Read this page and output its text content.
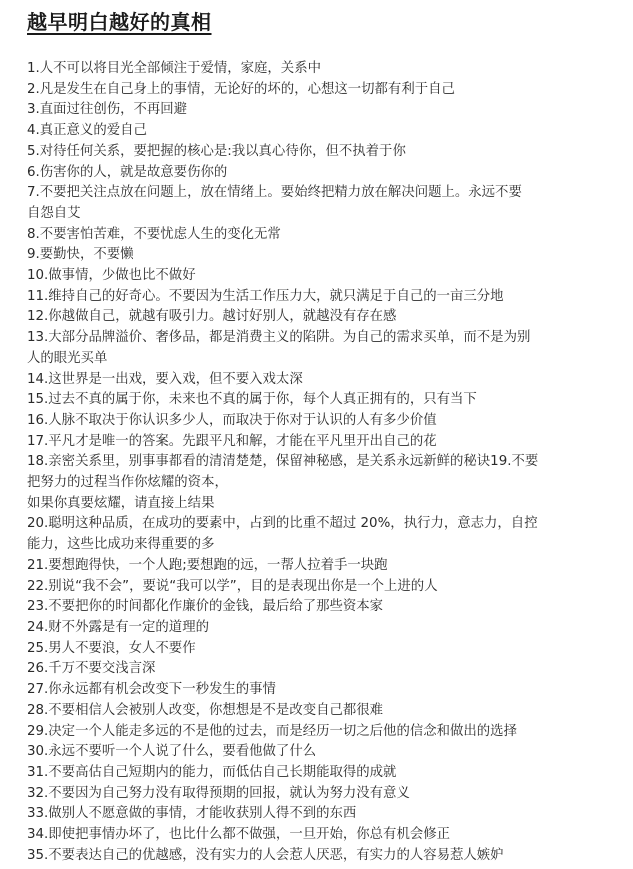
越早明白越好的真相
1.人不可以将目光全部倾注于爱情，家庭，关系中
2.凡是发生在自己身上的事情，无论好的坏的，心想这一切都有利于自己
3.直面过往创伤，不再回避
4.真正意义的爱自己
5.对待任何关系，要把握的核心是:我以真心待你，但不执着于你
6.伤害你的人，就是故意要伤你的
7.不要把关注点放在问题上，放在情绪上。要始终把精力放在解决问题上。永远不要
自怨自艾
8.不要害怕苦难，不要忧虑人生的变化无常
9.要勤快，不要懒
10.做事情，少做也比不做好
11.维持自己的好奇心。不要因为生活工作压力大，就只满足于自己的一亩三分地
12.你越做自己，就越有吸引力。越讨好别人，就越没有存在感
13.大部分品牌溢价、奢侈品，都是消费主义的陷阱。为自己的需求买单，而不是为别
人的眼光买单
14.这世界是一出戏，要入戏，但不要入戏太深
15.过去不真的属于你，未来也不真的属于你，每个人真正拥有的，只有当下
16.人脉不取决于你认识多少人，而取决于你对于认识的人有多少价值
17.平凡才是唯一的答案。先跟平凡和解，才能在平凡里开出自己的花
18.亲密关系里，别事事都看的清清楚楚，保留神秘感，是关系永远新鲜的秘诀19.不要
把努力的过程当作你炫耀的资本，
如果你真要炫耀，请直接上结果
20.聪明这种品质，在成功的要素中，占到的比重不超过 20%，执行力，意志力，自控
能力，这些比成功来得重要的多
21.要想跑得快，一个人跑;要想跑的远，一帮人拉着手一块跑
22.别说“我不会”，要说“我可以学”，目的是表现出你是一个上进的人
23.不要把你的时间都化作廉价的金钱，最后给了那些资本家
24.财不外露是有一定的道理的
25.男人不要浪，女人不要作
26.千万不要交浅言深
27.你永远都有机会改变下一秒发生的事情
28.不要相信人会被别人改变，你想想是不是改变自己都很难
29.决定一个人能走多远的不是他的过去，而是经历一切之后他的信念和做出的选择
30.永远不要听一个人说了什么，要看他做了什么
31.不要高估自己短期内的能力，而低估自己长期能取得的成就
32.不要因为自己努力没有取得预期的回报，就认为努力没有意义
33.做别人不愿意做的事情，才能收获别人得不到的东西
34.即使把事情办坏了，也比什么都不做强，一旦开始，你总有机会修正
35.不要表达自己的优越感，没有实力的人会惹人厌恶，有实力的人容易惹人嫉妒
